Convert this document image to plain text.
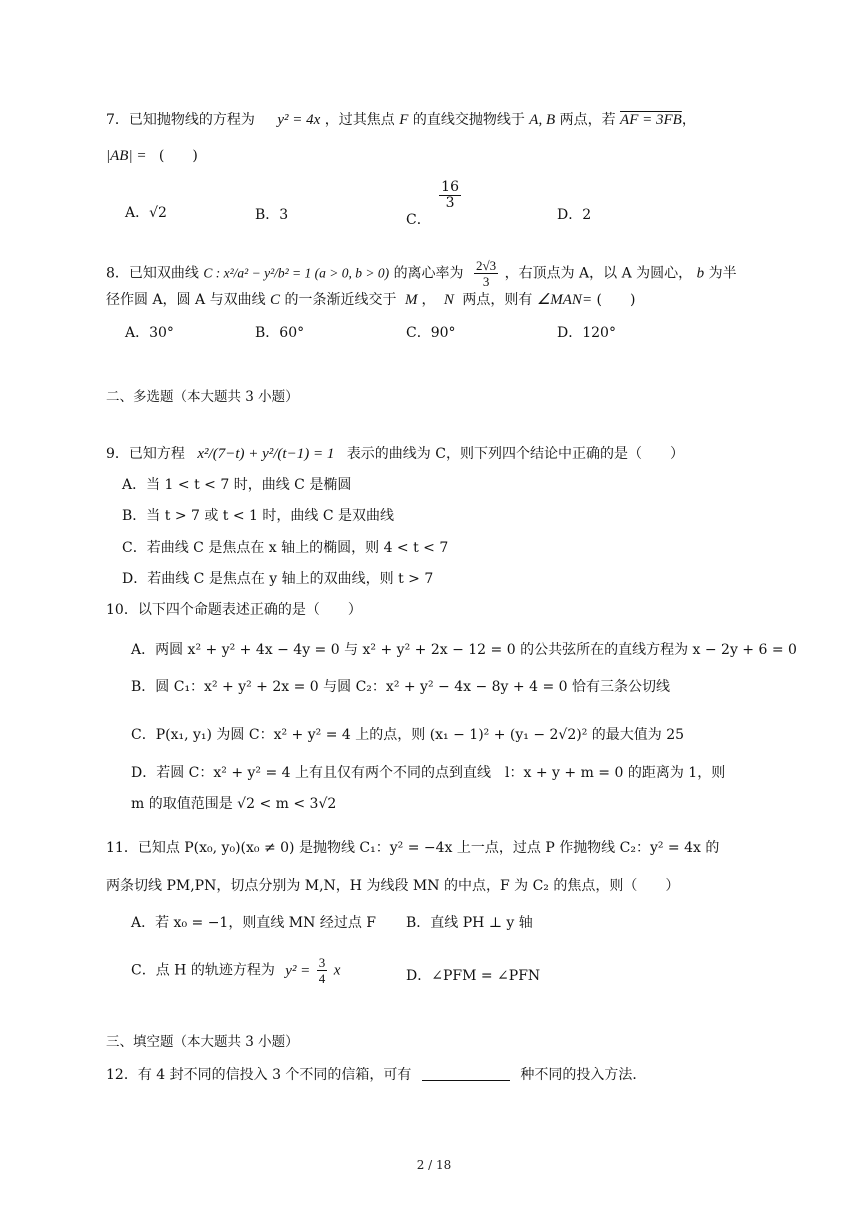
7．已知抛物线的方程为 y² = 4x ，过其焦点 F 的直线交抛物线于 A, B 两点，若 AF = 3FB，
|AB| = (　　)
A．√2	B．3	C．
$\frac{16}{3}$
D．2
8．已知双曲线 C : x²/a² − y²/b² = 1 (a > 0, b > 0) 的离心率为 $\frac{2√3}{3}$ ，右顶点为 A，以 A 为圆心， b 为半
径作圆 A，圆 A 与双曲线 C 的一条渐近线交于 M ， N 两点，则有 ∠MAN= (　　)
A．30°	B．60°	C．90°	D．120°
二、多选题（本大题共 3 小题）
9．已知方程 x²/(7−t) + y²/(t−1) = 1 表示的曲线为 C，则下列四个结论中正确的是（　　）
A．当 1 < t < 7 时，曲线 C 是椭圆
B．当 t > 7 或 t < 1 时，曲线 C 是双曲线
C．若曲线 C 是焦点在 x 轴上的椭圆，则 4 < t < 7
D．若曲线 C 是焦点在 y 轴上的双曲线，则 t > 7
10．以下四个命题表述正确的是（　　）
A．两圆 x² + y² + 4x − 4y = 0 与 x² + y² + 2x − 12 = 0 的公共弦所在的直线方程为 x − 2y + 6 = 0
B．圆 C₁：x² + y² + 2x = 0 与圆 C₂：x² + y² − 4x − 8y + 4 = 0 恰有三条公切线
C．P(x₁, y₁) 为圆 C：x² + y² = 4 上的点，则 (x₁ − 1)² + (y₁ − 2√2)² 的最大值为 25
D．若圆 C：x² + y² = 4 上有且仅有两个不同的点到直线　l：x + y + m = 0 的距离为 1，则
m 的取值范围是 √2 < m < 3√2
11．已知点 P(x₀, y₀)(x₀ ≠ 0) 是抛物线 C₁：y² = −4x 上一点，过点 P 作抛物线 C₂：y² = 4x 的
两条切线 PM,PN，切点分别为 M,N，H 为线段 MN 的中点，F 为 C₂ 的焦点，则（　　）
A．若 x₀ = −1，则直线 MN 经过点 F B．直线 PH ⊥ y 轴
C．点 H 的轨迹方程为 $y^2 = \frac{3}{4}$ x	D．∠PFM = ∠PFN
三、填空题（本大题共 3 小题）
12．有 4 封不同的信投入 3 个不同的信箱，可有	种不同的投入方法．
2 / 18
